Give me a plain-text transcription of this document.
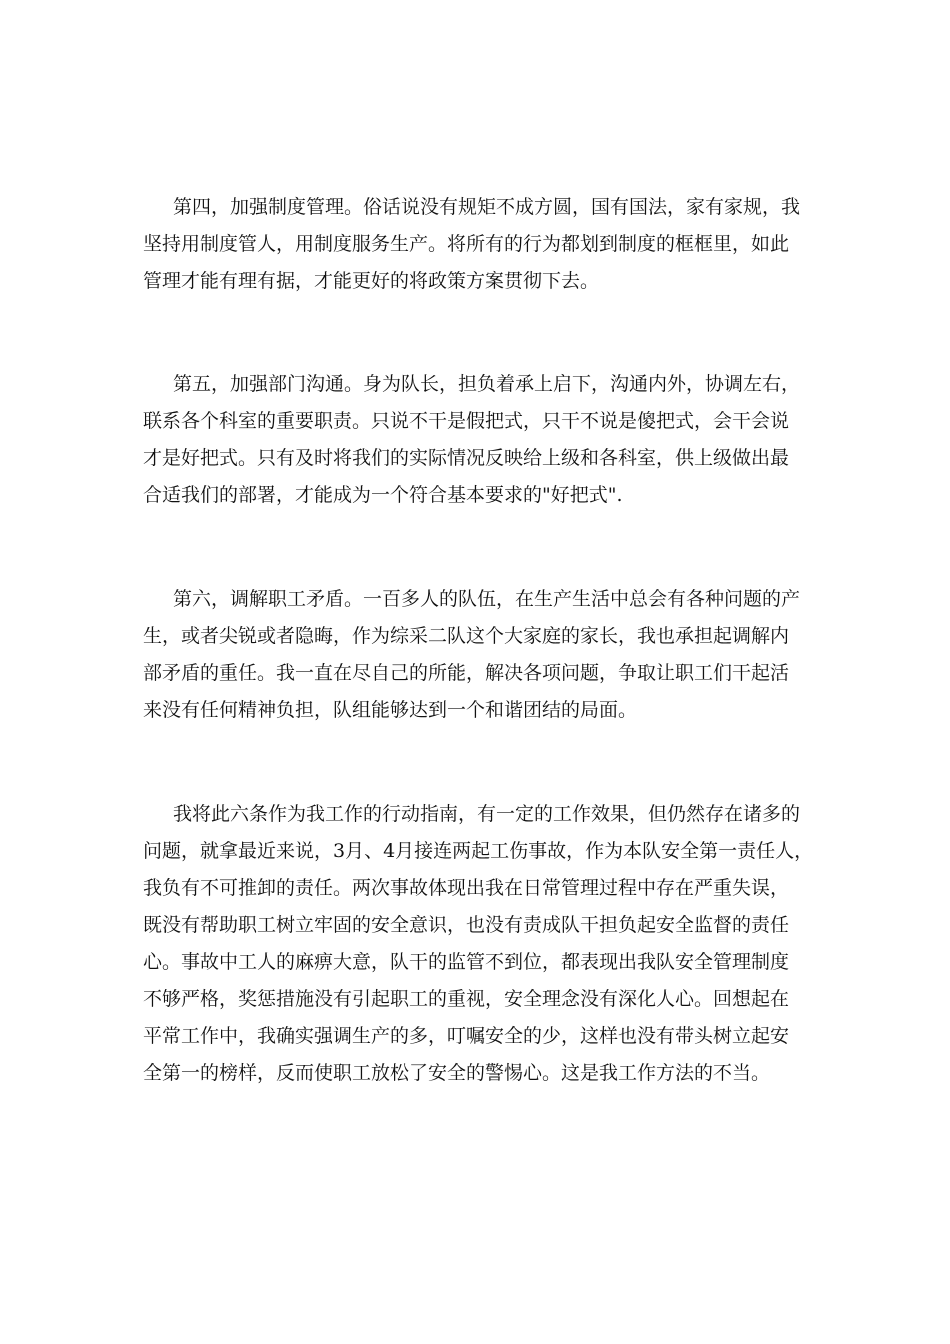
第四，加强制度管理。俗话说没有规矩不成方圆，国有国法，家有家规，我
坚持用制度管人，用制度服务生产。将所有的行为都划到制度的框框里，如此
管理才能有理有据，才能更好的将政策方案贯彻下去。
第五，加强部门沟通。身为队长，担负着承上启下，沟通内外，协调左右，
联系各个科室的重要职责。只说不干是假把式，只干不说是傻把式，会干会说
才是好把式。只有及时将我们的实际情况反映给上级和各科室，供上级做出最
合适我们的部署，才能成为一个符合基本要求的"好把式".
第六，调解职工矛盾。一百多人的队伍，在生产生活中总会有各种问题的产
生，或者尖锐或者隐晦，作为综采二队这个大家庭的家长，我也承担起调解内
部矛盾的重任。我一直在尽自己的所能，解决各项问题，争取让职工们干起活
来没有任何精神负担，队组能够达到一个和谐团结的局面。
我将此六条作为我工作的行动指南，有一定的工作效果，但仍然存在诸多的
问题，就拿最近来说，3月、4月接连两起工伤事故，作为本队安全第一责任人，
我负有不可推卸的责任。两次事故体现出我在日常管理过程中存在严重失误，
既没有帮助职工树立牢固的安全意识，也没有责成队干担负起安全监督的责任
心。事故中工人的麻痹大意，队干的监管不到位，都表现出我队安全管理制度
不够严格，奖惩措施没有引起职工的重视，安全理念没有深化人心。回想起在
平常工作中，我确实强调生产的多，叮嘱安全的少，这样也没有带头树立起安
全第一的榜样，反而使职工放松了安全的警惕心。这是我工作方法的不当。
